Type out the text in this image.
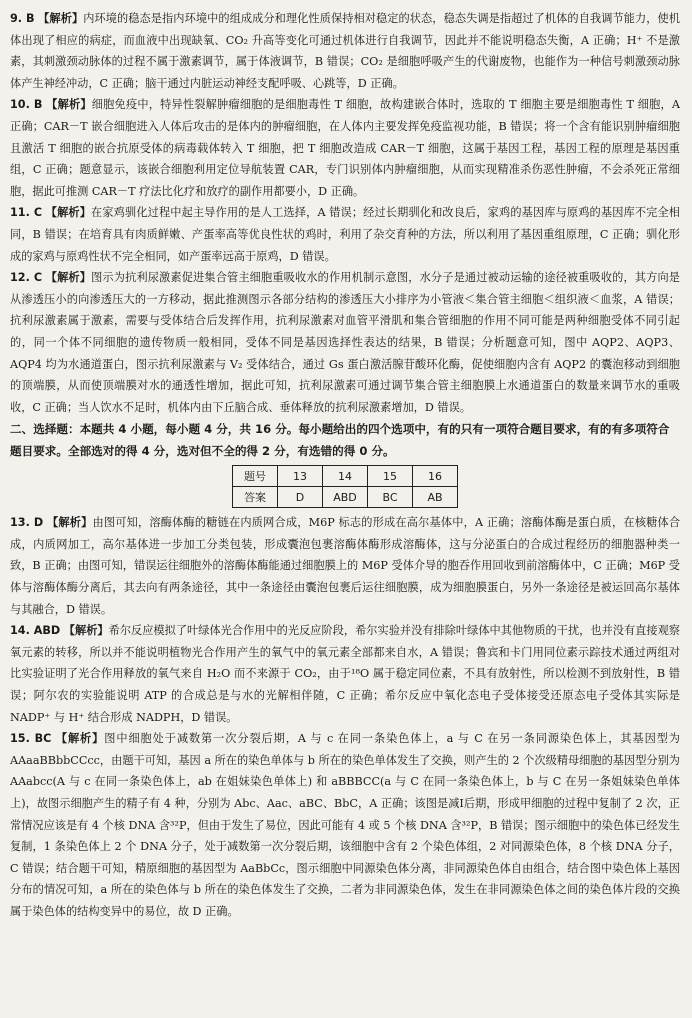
9. B 【解析】内环境的稳态是指内环境中的组成成分和理化性质保持相对稳定的状态，稳态失调是指超过了机体的自我调节能力，使机体出现了相应的病症，而血液中出现缺氧、CO₂ 升高等变化可通过机体进行自我调节，因此并不能说明稳态失衡，A 正确；H⁺ 不是激素，其刺激颈动脉体的过程不属于激素调节，属于体液调节，B 错误；CO₂ 是细胞呼吸产生的代谢废物，也能作为一种信号刺激颈动脉体产生神经冲动，C 正确；脑干通过内脏运动神经支配呼吸、心跳等，D 正确。

10. B 【解析】细胞免疫中，特异性裂解肿瘤细胞的是细胞毒性 T 细胞，故构建嵌合体时，选取的 T 细胞主要是细胞毒性 T 细胞，A 正确；CAR－T 嵌合细胞进入人体后攻击的是体内的肿瘤细胞，在人体内主要发挥免疫监视功能，B 错误；将一个含有能识别肿瘤细胞且激活 T 细胞的嵌合抗原受体的病毒载体转入 T 细胞，把 T 细胞改造成 CAR－T 细胞，这属于基因工程，基因工程的原理是基因重组，C 正确；题意显示，该嵌合细胞利用定位导航装置 CAR，专门识别体内肿瘤细胞，从而实现精准杀伤恶性肿瘤，不会杀死正常细胞，据此可推测 CAR－T 疗法比化疗和放疗的副作用都要小，D 正确。

11. C 【解析】在家鸡驯化过程中起主导作用的是人工选择，A 错误；经过长期驯化和改良后，家鸡的基因库与原鸡的基因库不完全相同，B 错误；在培育具有肉质鲜嫩、产蛋率高等优良性状的鸡时，利用了杂交育种的方法，所以利用了基因重组原理，C 正确；驯化形成的家鸡与原鸡性状不完全相同，如产蛋率远高于原鸡，D 错误。

12. C 【解析】图示为抗利尿激素促进集合管主细胞重吸收水的作用机制示意图，水分子是通过被动运输的途径被重吸收的，其方向是从渗透压小的向渗透压大的一方移动，据此推测图示各部分结构的渗透压大小排序为小管液＜集合管主细胞＜组织液＜血浆，A 错误；抗利尿激素属于激素，需要与受体结合后发挥作用，抗利尿激素对血管平滑肌和集合管细胞的作用不同可能是两种细胞受体不同引起的，同一个体不同细胞的遗传物质一般相同，受体不同是基因选择性表达的结果，B 错误；分析题意可知，图中 AQP2、AQP3、AQP4 均为水通道蛋白，图示抗利尿激素与 V₂ 受体结合，通过 Gs 蛋白激活腺苷酸环化酶，促使细胞内含有 AQP2 的囊泡移动到细胞的顶端膜，从而使顶端膜对水的通透性增加，据此可知，抗利尿激素可通过调节集合管主细胞膜上水通道蛋白的数量来调节水的重吸收，C 正确；当人饮水不足时，机体内由下丘脑合成、垂体释放的抗利尿激素增加，D 错误。

二、选择题：本题共 4 小题，每小题 4 分，共 16 分。每小题给出的四个选项中，有的只有一项符合题目要求，有的有多项符合题目要求。全部选对的得 4 分，选对但不全的得 2 分，有选错的得 0 分。

题号	13	14	15	16
答案	D	ABD	BC	AB

13. D 【解析】由图可知，溶酶体酶的糖链在内质网合成，M6P 标志的形成在高尔基体中，A 正确；溶酶体酶是蛋白质，在核糖体合成，内质网加工，高尔基体进一步加工分类包装，形成囊泡包裹溶酶体酶形成溶酶体，这与分泌蛋白的合成过程经历的细胞器种类一致，B 正确；由图可知，错误运往细胞外的溶酶体酶能通过细胞膜上的 M6P 受体介导的胞吞作用回收到前溶酶体中，C 正确；M6P 受体与溶酶体酶分离后，其去向有两条途径，其中一条途径由囊泡包裹后运往细胞膜，成为细胞膜蛋白，另外一条途径是被运回高尔基体与其融合，D 错误。

14. ABD 【解析】希尔反应模拟了叶绿体光合作用中的光反应阶段，希尔实验并没有排除叶绿体中其他物质的干扰，也并没有直接观察氧元素的转移，所以并不能说明植物光合作用产生的氧气中的氧元素全部都来自水，A 错误；鲁宾和卡门用同位素示踪技术通过两组对比实验证明了光合作用释放的氧气来自 H₂O 而不来源于 CO₂，由于¹⁸O 属于稳定同位素，不具有放射性，所以检测不到放射性，B 错误；阿尔农的实验能说明 ATP 的合成总是与水的光解相伴随，C 正确；希尔反应中氧化态电子受体接受还原态电子受体其实际是 NADP⁺ 与 H⁺ 结合形成 NADPH，D 错误。

15. BC 【解析】图中细胞处于减数第一次分裂后期，A 与 c 在同一条染色体上，a 与 C 在另一条同源染色体上，其基因型为 AAaaBBbbCCcc，由题干可知，基因 a 所在的染色单体与 b 所在的染色单体发生了交换，则产生的 2 个次级精母细胞的基因型分别为 AAabcc(A 与 c 在同一条染色体上，ab 在姐妹染色单体上) 和 aBBBCC(a 与 C 在同一条染色体上，b 与 C 在另一条姐妹染色单体上)，故图示细胞产生的精子有 4 种，分别为 Abc、Aac、aBC、BbC，A 正确；该图是减Ⅰ后期，形成甲细胞的过程中复制了 2 次，正常情况应该是有 4 个核 DNA 含³²P，但由于发生了易位，因此可能有 4 或 5 个核 DNA 含³²P，B 错误；图示细胞中的染色体已经发生复制，1 条染色体上 2 个 DNA 分子，处于减数第一次分裂后期，该细胞中含有 2 个染色体组，2 对同源染色体，8 个核 DNA 分子，C 错误；结合题干可知，精原细胞的基因型为 AaBbCc，图示细胞中同源染色体分离，非同源染色体自由组合，结合图中染色体上基因分布的情况可知，a 所在的染色体与 b 所在的染色体发生了交换，二者为非同源染色体，发生在非同源染色体之间的染色体片段的交换属于染色体的结构变异中的易位，故 D 正确。
